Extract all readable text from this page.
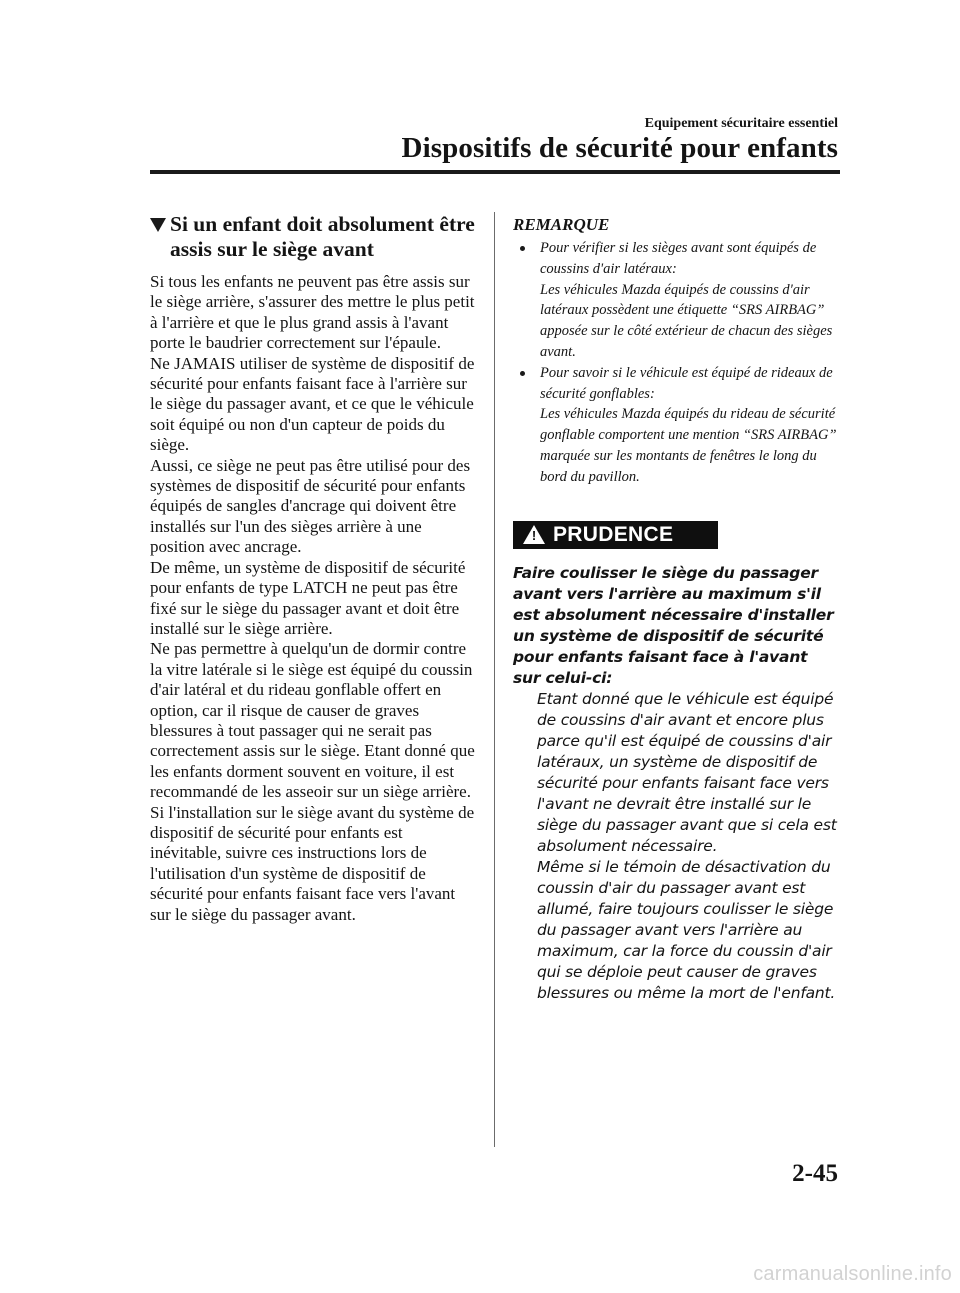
Equipement sécuritaire essentiel
Dispositifs de sécurité pour enfants
Si un enfant doit absolument être assis sur le siège avant

Si tous les enfants ne peuvent pas être assis sur le siège arrière, s'assurer des mettre le plus petit à l'arrière et que le plus grand assis à l'avant porte le baudrier correctement sur l'épaule.

Ne JAMAIS utiliser de système de dispositif de sécurité pour enfants faisant face à l'arrière sur le siège du passager avant, et ce que le véhicule soit équipé ou non d'un capteur de poids du siège.

Aussi, ce siège ne peut pas être utilisé pour des systèmes de dispositif de sécurité pour enfants équipés de sangles d'ancrage qui doivent être installés sur l'un des sièges arrière à une position avec ancrage.

De même, un système de dispositif de sécurité pour enfants de type LATCH ne peut pas être fixé sur le siège du passager avant et doit être installé sur le siège arrière.

Ne pas permettre à quelqu'un de dormir contre la vitre latérale si le siège est équipé du coussin d'air latéral et du rideau gonflable offert en option, car il risque de causer de graves blessures à tout passager qui ne serait pas correctement assis sur le siège. Etant donné que les enfants dorment souvent en voiture, il est recommandé de les asseoir sur un siège arrière. Si l'installation sur le siège avant du système de dispositif de sécurité pour enfants est inévitable, suivre ces instructions lors de l'utilisation d'un système de dispositif de sécurité pour enfants faisant face vers l'avant sur le siège du passager avant.

REMARQUE

Pour vérifier si les sièges avant sont équipés de coussins d'air latéraux:

Les véhicules Mazda équipés de coussins d'air latéraux possèdent une étiquette “SRS AIRBAG” apposée sur le côté extérieur de chacun des sièges avant.

Pour savoir si le véhicule est équipé de rideaux de sécurité gonflables:

Les véhicules Mazda équipés du rideau de sécurité gonflable comportent une mention “SRS AIRBAG” marquée sur les montants de fenêtres le long du bord du pavillon.

! PRUDENCE

Faire coulisser le siège du passager avant vers l'arrière au maximum s'il est absolument nécessaire d'installer un système de dispositif de sécurité pour enfants faisant face à l'avant sur celui-ci:

Etant donné que le véhicule est équipé de coussins d'air avant et encore plus parce qu'il est équipé de coussins d'air latéraux, un système de dispositif de sécurité pour enfants faisant face vers l'avant ne devrait être installé sur le siège du passager avant que si cela est absolument nécessaire.

Même si le témoin de désactivation du coussin d'air du passager avant est allumé, faire toujours coulisser le siège du passager avant vers l'arrière au maximum, car la force du coussin d'air qui se déploie peut causer de graves blessures ou même la mort de l'enfant.

2-45
carmanualsonline.info
